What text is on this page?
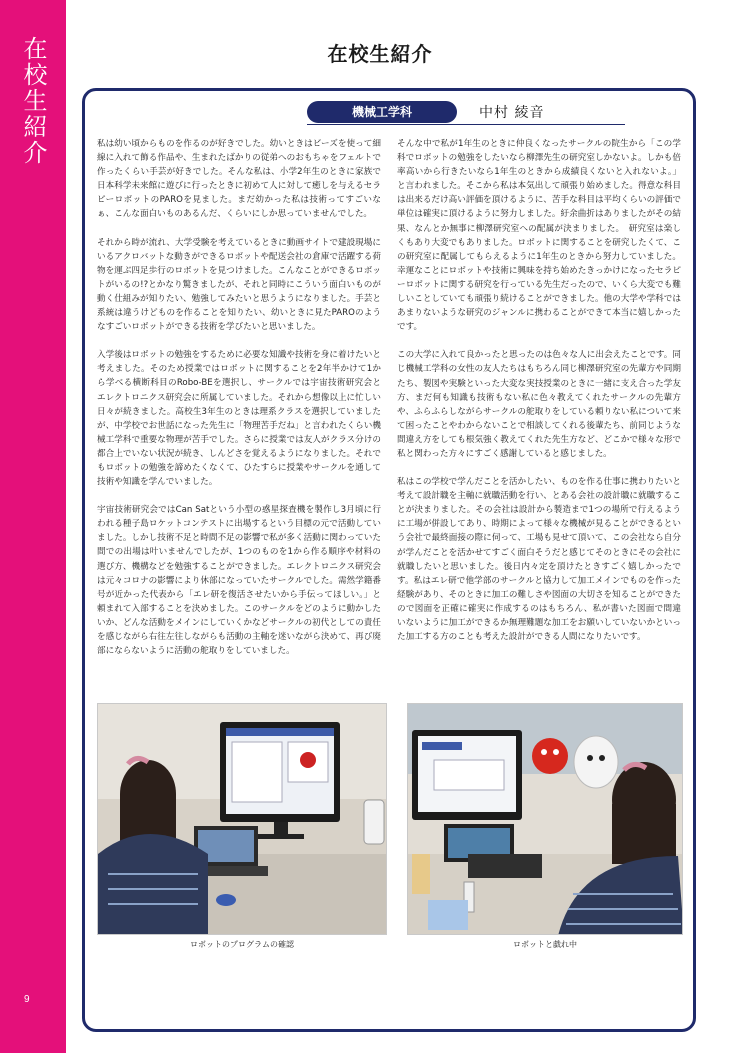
在校生紹介
9
在校生紹介
機械工学科	中村 綾音

私は幼い頃からものを作るのが好きでした。幼いときはビーズを使って細線に入れて飾る作品や、生まれたばかりの従弟へのおもちゃをフェルトで作ったくらい手芸が好きでした。そんな私は、小学2年生のときに家族で日本科学未来館に遊びに行ったときに初めて人に対して癒しを与えるセラピーロボットのPAROを見ました。まだ幼かった私は技術ってすごいなぁ、こんな面白いものあるんだ、くらいにしか思っていませんでした。

それから時が流れ、大学受験を考えているときに動画サイトで建設現場にいるアクロバットな動きができるロボットや配送会社の倉庫で活躍する荷物を運ぶ四足歩行のロボットを見つけました。こんなことができるロボットがいるの!?とかなり驚きましたが、それと同時にこういう面白いものが動く仕組みが知りたい、勉強してみたいと思うようになりました。手芸と系統は違うけどものを作ることを知りたい、幼いときに見たPAROのようなすごいロボットができる技術を学びたいと思いました。

入学後はロボットの勉強をするために必要な知識や技術を身に着けたいと考えました。そのため授業ではロボットに関することを2年半かけて1から学べる横断科目のRobo-BEを選択し、サークルでは宇宙技術研究会とエレクトロニクス研究会に所属していました。それから想像以上に忙しい日々が続きました。高校生3年生のときは理系クラスを選択していましたが、中学校でお世話になった先生に「物理苦手だね」と言われたくらい機械工学科で重要な物理が苦手でした。さらに授業では友人がクラス分けの都合上でいない状況が続き、しんどさを覚えるようになりました。それでもロボットの勉強を諦めたくなくて、ひたすらに授業やサークルを通して技術や知識を学んでいました。

宇宙技術研究会ではCan Satという小型の惑星探査機を製作し3月頃に行われる種子島ロケットコンテストに出場するという目標の元で活動していました。しかし技術不足と時間不足の影響で私が多く活動に関わっていた間での出場は叶いませんでしたが、1つのものを1から作る順序や材料の選び方、機構などを勉強することができました。エレクトロニクス研究会は元々コロナの影響により休部になっていたサークルでした。需然学籍番号が近かった代表から「エレ研を復活させたいから手伝ってほしい。」と頼まれて入部することを決めました。このサークルをどのように動かしたいか、どんな活動をメインにしていくかなどサークルの初代としての責任を感じながら右往左往しながらも活動の主軸を迷いながら決めて、再び廃部にならないように活動の舵取りをしていました。

そんな中で私が1年生のときに仲良くなったサークルの院生から「この学科でロボットの勉強をしたいなら柳澤先生の研究室しかないよ。しかも倍率高いから行きたいなら1年生のときから成績良くないと入れないよ。」と言われました。そこから私は本気出して頑張り始めました。得意な科目は出来るだけ高い評価を頂けるように、苦手な科目は平均くらいの評価で単位は確実に頂けるように努力しました。紆余曲折はありましたがその結果、なんとか無事に柳澤研究室への配属が決まりました。　研究室は楽しくもあり大変でもありました。ロボットに関することを研究したくて、この研究室に配属してもらえるように1年生のときから努力していました。幸運なことにロボットや技術に興味を持ち始めたきっかけになったセラピーロボットに関する研究を行っている先生だったので、いくら大変でも難しいことしていても頑張り続けることができました。他の大学や学科ではあまりないような研究のジャンルに携わることができて本当に嬉しかったです。

この大学に入れて良かったと思ったのは色々な人に出会えたことです。同じ機械工学科の女性の友人たちはもちろん同じ柳澤研究室の先輩方や同期たち、製図や実験といった大変な実技授業のときに一緒に支え合った学友方、まだ何も知識も技術もない私に色々教えてくれたサークルの先輩方や、ふらふらしながらサークルの舵取りをしている頼りない私について来て困ったことやわからないことで相談してくれる後輩たち、前同じような間違え方をしても根気強く教えてくれた先生方など、どこかで様々な形で私と関わった方々にすごく感謝していると感じました。

私はこの学校で学んだことを活かしたい、ものを作る仕事に携わりたいと考えて設計職を主軸に就職活動を行い、とある会社の設計職に就職することが決まりました。その会社は設計から製造まで1つの場所で行えるように工場が併設してあり、時期によって様々な機械が見ることができるという会社で最終面接の際に伺って、工場も見せて頂いて、この会社なら自分が学んだことを活かせてすごく面白そうだと感じてそのときにその会社に就職したいと思いました。後日内々定を頂けたときすごく嬉しかったです。私はエレ研で他学部のサークルと協力して加工メインでものを作った経験があり、そのときに加工の難しさや図面の大切さを知ることができたので図面を正確に確実に作成するのはもちろん、私が書いた図面で間違いないように加工ができるか無理難題な加工をお願いしていないかといった加工する方のことも考えた設計ができる人間になりたいです。

ロボットのプログラムの確認	ロボットと戯れ中
